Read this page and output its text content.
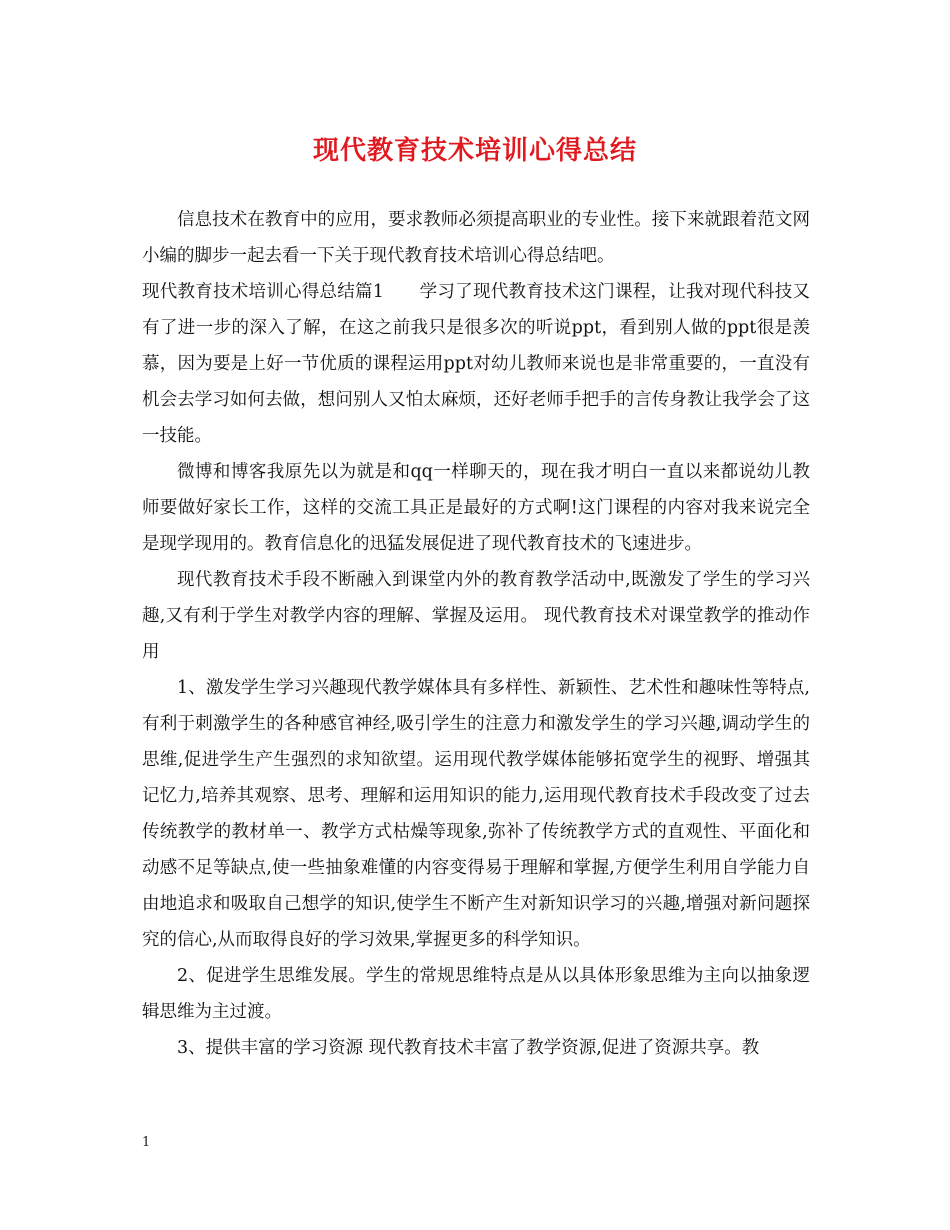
现代教育技术培训心得总结

信息技术在教育中的应用，要求教师必须提高职业的专业性。接下来就跟着范文网小编的脚步一起去看一下关于现代教育技术培训心得总结吧。

现代教育技术培训心得总结篇1　　学习了现代教育技术这门课程，让我对现代科技又有了进一步的深入了解，在这之前我只是很多次的听说ppt，看到别人做的ppt很是羡慕，因为要是上好一节优质的课程运用ppt对幼儿教师来说也是非常重要的，一直没有机会去学习如何去做，想问别人又怕太麻烦，还好老师手把手的言传身教让我学会了这一技能。

微博和博客我原先以为就是和qq一样聊天的，现在我才明白一直以来都说幼儿教师要做好家长工作，这样的交流工具正是最好的方式啊!这门课程的内容对我来说完全是现学现用的。教育信息化的迅猛发展促进了现代教育技术的飞速进步。

现代教育技术手段不断融入到课堂内外的教育教学活动中,既激发了学生的学习兴趣,又有利于学生对教学内容的理解、掌握及运用。 现代教育技术对课堂教学的推动作用

1、激发学生学习兴趣现代教学媒体具有多样性、新颖性、艺术性和趣味性等特点,有利于刺激学生的各种感官神经,吸引学生的注意力和激发学生的学习兴趣,调动学生的思维,促进学生产生强烈的求知欲望。运用现代教学媒体能够拓宽学生的视野、增强其记忆力,培养其观察、思考、理解和运用知识的能力,运用现代教育技术手段改变了过去传统教学的教材单一、教学方式枯燥等现象,弥补了传统教学方式的直观性、平面化和动感不足等缺点,使一些抽象难懂的内容变得易于理解和掌握,方便学生利用自学能力自由地追求和吸取自己想学的知识,使学生不断产生对新知识学习的兴趣,增强对新问题探究的信心,从而取得良好的学习效果,掌握更多的科学知识。

2、促进学生思维发展。学生的常规思维特点是从以具体形象思维为主向以抽象逻辑思维为主过渡。

3、提供丰富的学习资源 现代教育技术丰富了教学资源,促进了资源共享。教

1
